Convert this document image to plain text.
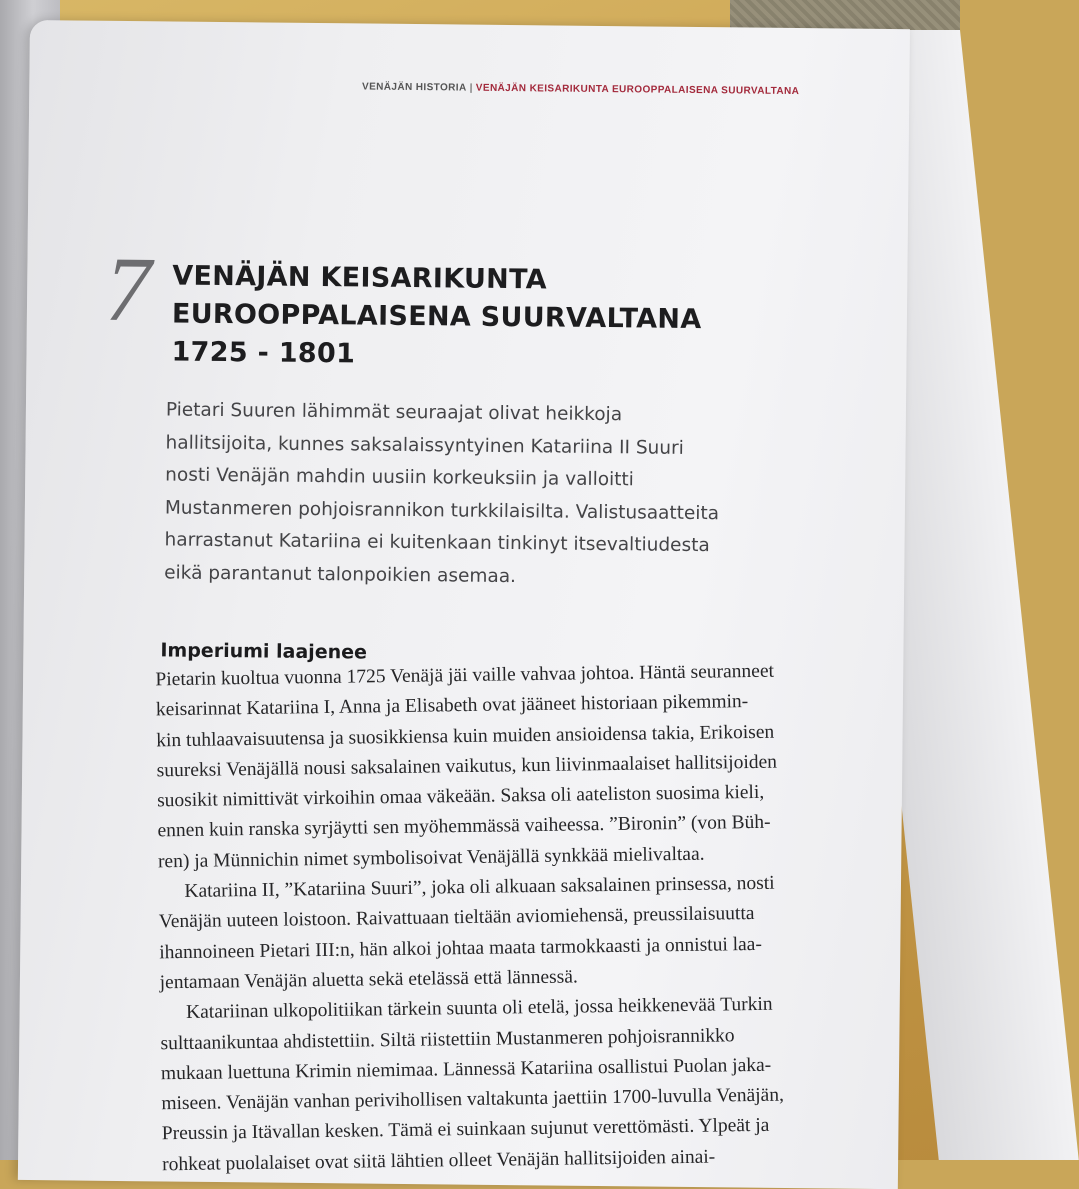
VENÄJÄN HISTORIA | VENÄJÄN KEISARIKUNTA EUROOPPALAISENA SUURVALTANA
7 VENÄJÄN KEISARIKUNTA
EUROOPPALAISENA SUURVALTANA
1725 - 1801
Pietari Suuren lähimmät seuraajat olivat heikkoja
hallitsijoita, kunnes saksalaissyntyinen Katariina II Suuri
nosti Venäjän mahdin uusiin korkeuksiin ja valloitti
Mustanmeren pohjoisrannikon turkkilaisilta. Valistusaatteita
harrastanut Katariina ei kuitenkaan tinkinyt itsevaltiudesta
eikä parantanut talonpoikien asemaa.
Imperiumi laajenee
Pietarin kuoltua vuonna 1725 Venäjä jäi vaille vahvaa johtoa. Häntä seuranneet
keisarinnat Katariina I, Anna ja Elisabeth ovat jääneet historiaan pikemmin-
kin tuhlaavaisuutensa ja suosikkiensa kuin muiden ansioidensa takia, Erikoisen
suureksi Venäjällä nousi saksalainen vaikutus, kun liivinmaalaiset hallitsijoiden
suosikit nimittivät virkoihin omaa väkeään. Saksa oli aateliston suosima kieli,
ennen kuin ranska syrjäytti sen myöhemmässä vaiheessa. ”Bironin” (von Büh-
ren) ja Münnichin nimet symbolisoivat Venäjällä synkkää mielivaltaa.
Katariina II, ”Katariina Suuri”, joka oli alkuaan saksalainen prinsessa, nosti
Venäjän uuteen loistoon. Raivattuaan tieltään aviomiehensä, preussilaisuutta
ihannoineen Pietari III:n, hän alkoi johtaa maata tarmokkaasti ja onnistui laa-
jentamaan Venäjän aluetta sekä etelässä että lännessä.
Katariinan ulkopolitiikan tärkein suunta oli etelä, jossa heikkenevää Turkin
sulttaanikuntaa ahdistettiin. Siltä riistettiin Mustanmeren pohjoisrannikko
mukaan luettuna Krimin niemimaa. Lännessä Katariina osallistui Puolan jaka-
miseen. Venäjän vanhan perivihollisen valtakunta jaettiin 1700-luvulla Venäjän,
Preussin ja Itävallan kesken. Tämä ei suinkaan sujunut verettömästi. Ylpeät ja
rohkeat puolalaiset ovat siitä lähtien olleet Venäjän hallitsijoiden ainai-
